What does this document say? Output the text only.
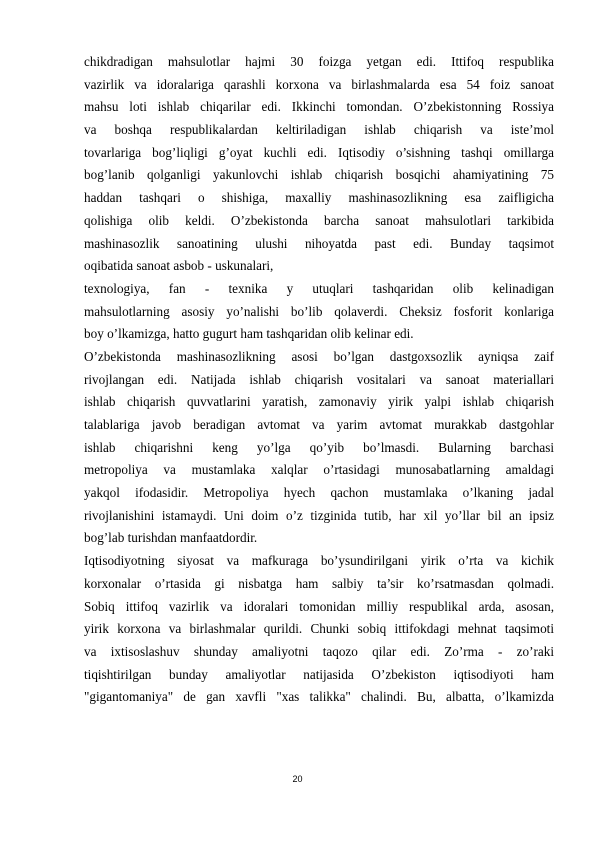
chikdradigan mahsulotlar hajmi 30 foizga yetgan edi. Ittifoq respublika
vazirlik va idoralariga qarashli korxona va birlashmalarda esa 54 foiz sanoat
mahsu loti ishlab chiqarilar edi. Ikkinchi tomondan. O’zbekistonning Rossiya
va boshqa respublikalardan keltiriladigan ishlab chiqarish va iste’mol
tovarlariga bog’liqligi g’oyat kuchli edi. Iqtisodiy o’sishning tashqi omillarga
bog’lanib qolganligi yakunlovchi ishlab chiqarish bosqichi ahamiyatining 75
haddan tashqari o shishiga, maxalliy mashinasozlikning esa zaifligicha
qolishiga olib keldi. O’zbekistonda barcha sanoat mahsulotlari tarkibida
mashinasozlik sanoatining ulushi nihoyatda past edi. Bunday taqsimot
oqibatida sanoat asbob - uskunalari,
texnologiya, fan - texnika y utuqlari tashqaridan olib kelinadigan
mahsulotlarning asosiy yo’nalishi bo’lib qolaverdi. Cheksiz fosforit konlariga
boy o’lkamizga, hatto gugurt ham tashqaridan olib kelinar edi.
O’zbekistonda mashinasozlikning asosi bo’lgan dastgoxsozlik ayniqsa zaif
rivojlangan edi. Natijada ishlab chiqarish vositalari va sanoat materiallari
ishlab chiqarish quvvatlarini yaratish, zamonaviy yirik yalpi ishlab chiqarish
talablariga javob beradigan avtomat va yarim avtomat murakkab dastgohlar
ishlab chiqarishni keng yo’lga qo’yib bo’lmasdi. Bularning barchasi
metropoliya va mustamlaka xalqlar o’rtasidagi munosabatlarning amaldagi
yakqol ifodasidir. Metropoliya hyech qachon mustamlaka o’lkaning jadal
rivojlanishini istamaydi. Uni doim o’z tizginida tutib, har xil yo’llar bil an ipsiz
bog’lab turishdan manfaatdordir.
Iqtisodiyotning siyosat va mafkuraga bo’ysundirilgani yirik o’rta va kichik
korxonalar o’rtasida gi nisbatga ham salbiy ta’sir ko’rsatmasdan qolmadi.
Sobiq ittifoq vazirlik va idoralari tomonidan milliy respublikal arda, asosan,
yirik korxona va birlashmalar qurildi. Chunki sobiq ittifokdagi mehnat taqsimoti
va ixtisoslashuv shunday amaliyotni taqozo qilar edi. Zo’rma - zo’raki
tiqishtirilgan bunday amaliyotlar natijasida O’zbekiston iqtisodiyoti ham
"gigantomaniya" de gan xavfli "xas talikka" chalindi. Bu, albatta, o’lkamizda
20
